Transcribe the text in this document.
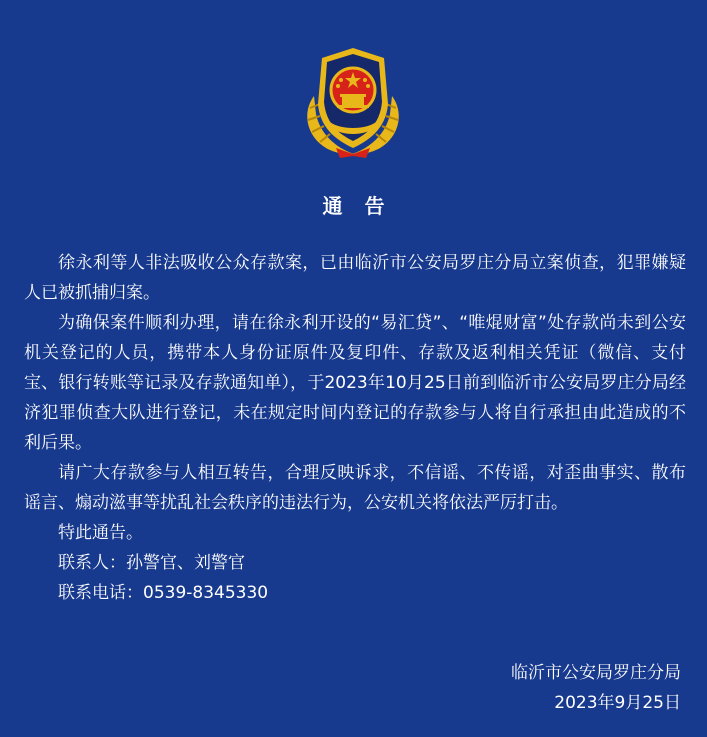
通告

徐永利等人非法吸收公众存款案，已由临沂市公安局罗庄分局立案侦查，犯罪嫌疑人已被抓捕归案。

为确保案件顺利办理，请在徐永利开设的“易汇贷”、“唯焜财富”处存款尚未到公安机关登记的人员，携带本人身份证原件及复印件、存款及返利相关凭证（微信、支付宝、银行转账等记录及存款通知单），于2023年10月25日前到临沂市公安局罗庄分局经济犯罪侦查大队进行登记，未在规定时间内登记的存款参与人将自行承担由此造成的不利后果。

请广大存款参与人相互转告，合理反映诉求，不信谣、不传谣，对歪曲事实、散布谣言、煽动滋事等扰乱社会秩序的违法行为，公安机关将依法严厉打击。

特此通告。

联系人：孙警官、刘警官

联系电话：0539-8345330

临沂市公安局罗庄分局
2023年9月25日
